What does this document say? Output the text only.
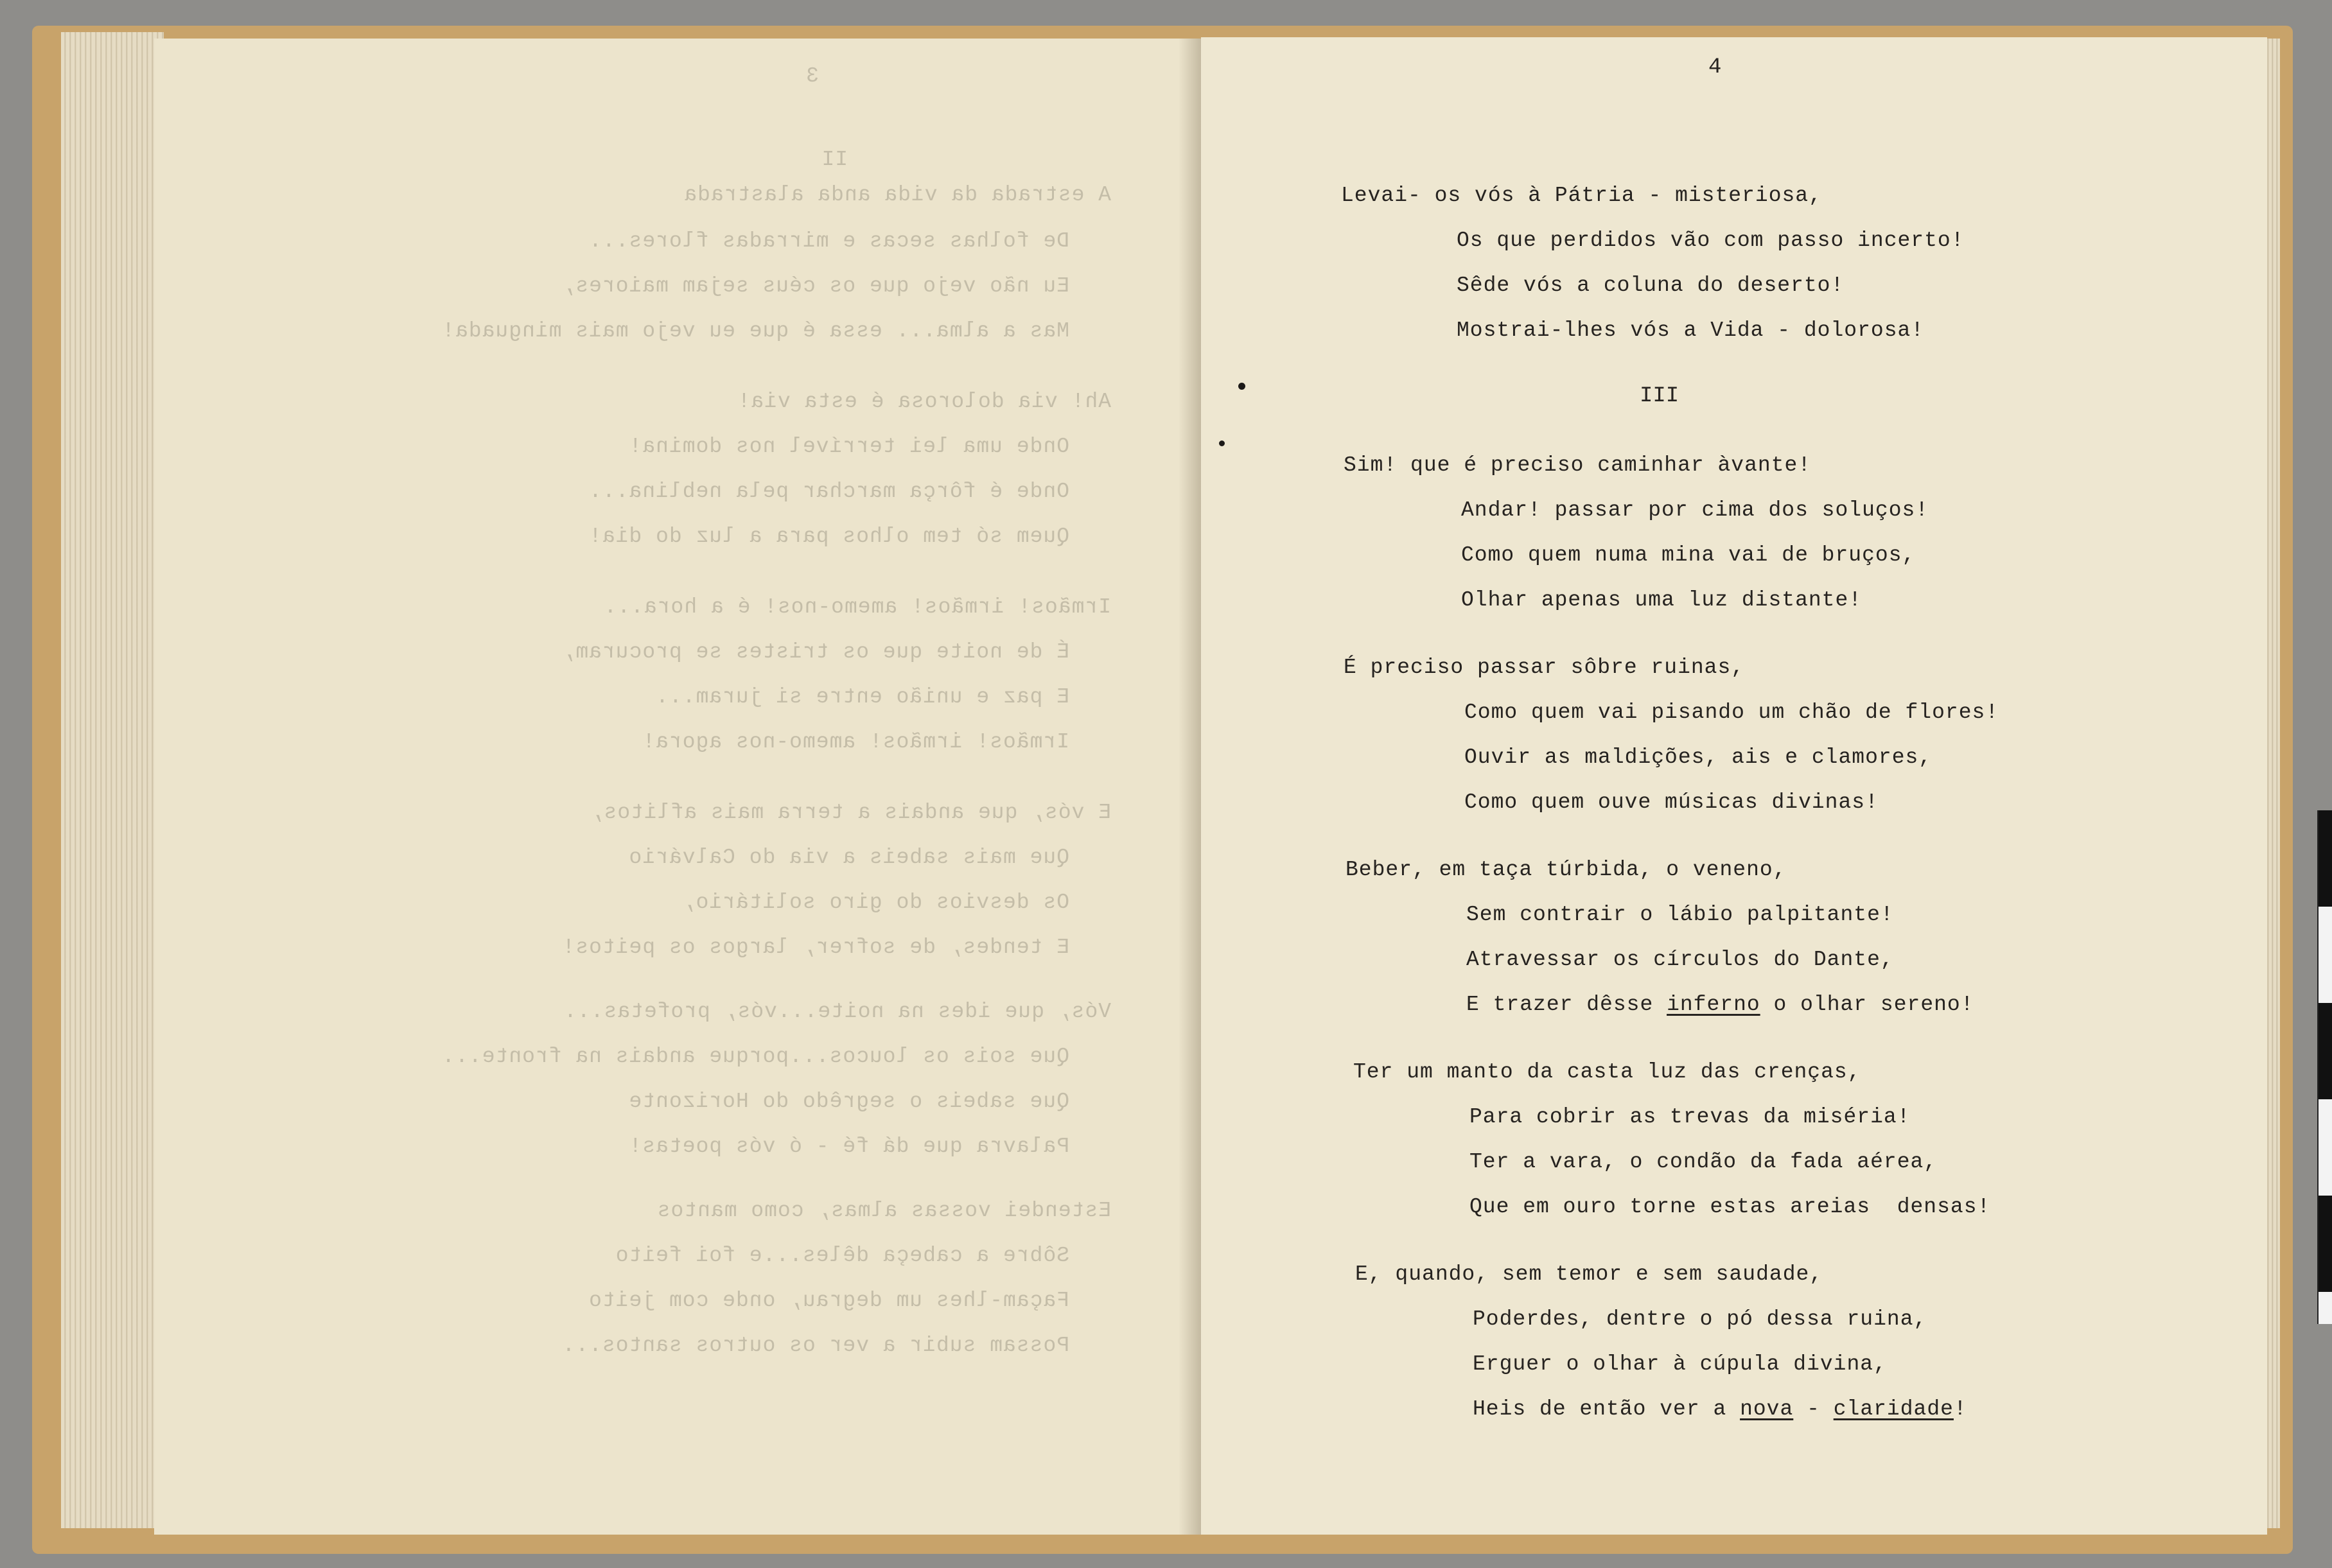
3
II
A estrada da vida anda alastrada
De folhas secas e mirradas flores...
Eu não vejo que os céus sejam maiores,
Mas a alma... essa é que eu vejo mais minguada!
Ah! via dolorosa é esta via!
Onde uma lei terrível nos domina!
Onde é fôrça marchar pela neblina...
Quem só tem olhos para a luz do dia!
Irmãos! irmãos! amemo-nos! é a hora...
É de noite que os tristes se procuram,
E paz e união entre si juram...
Irmãos! irmãos! amemo-nos agora!
E vós, que andais a terra mais aflitos,
Que mais sabeis a via do Calvário
Os desvios do giro solitário,
E tendes, de sofrer, largos os peitos!
Vós, que ides na noite...vós, profetas...
Que sois os loucos...porque andais na fronte...
Que sabeis o segrêdo do Horizonte
Palavra que dá fé - ó vós poetas!
Estendei vossas almas, como mantos
Sôbre a cabeça dêles...e foi feito
Façam-lhes um degrau, onde com jeito
Possam subir a ver os outros santos...
4
Levai- os vós à Pátria - misteriosa,
Os que perdidos vão com passo incerto!
Sêde vós a coluna do deserto!
Mostrai-lhes vós a Vida - dolorosa!
III
Sim! que é preciso caminhar àvante!
Andar! passar por cima dos soluços!
Como quem numa mina vai de bruços,
Olhar apenas uma luz distante!
É preciso passar sôbre ruinas,
Como quem vai pisando um chão de flores!
Ouvir as maldições, ais e clamores,
Como quem ouve músicas divinas!
Beber, em taça túrbida, o veneno,
Sem contrair o lábio palpitante!
Atravessar os círculos do Dante,
E trazer dêsse inferno o olhar sereno!
Ter um manto da casta luz das crenças,
Para cobrir as trevas da miséria!
Ter a vara, o condão da fada aérea,
Que em ouro torne estas areias  densas!
E, quando, sem temor e sem saudade,
Poderdes, dentre o pó dessa ruina,
Erguer o olhar à cúpula divina,
Heis de então ver a nova - claridade!
